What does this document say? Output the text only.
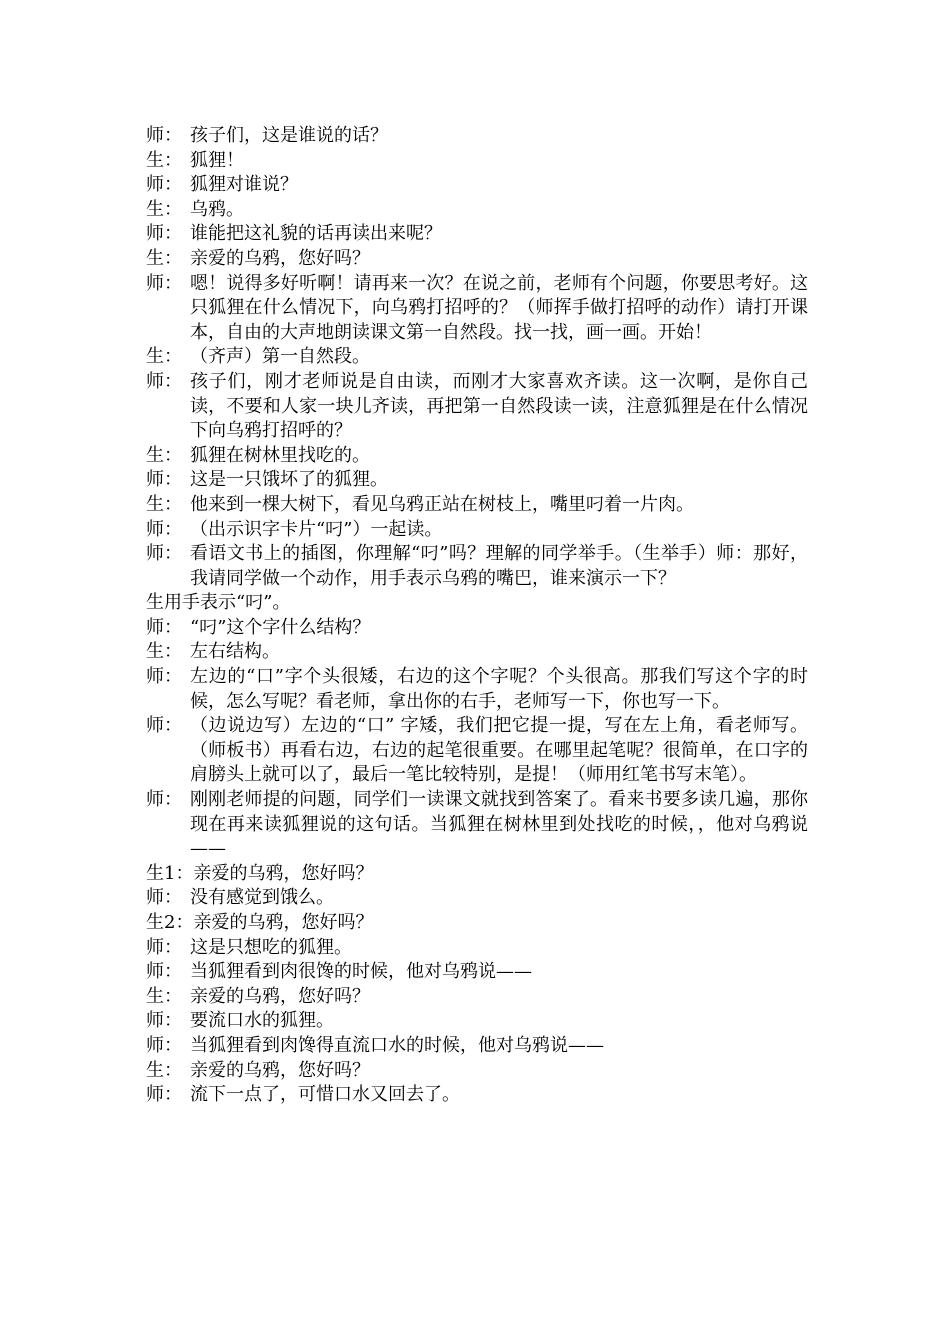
师： 孩子们，这是谁说的话？
生： 狐狸！
师： 狐狸对谁说？
生： 乌鸦。
师： 谁能把这礼貌的话再读出来呢？
生： 亲爱的乌鸦，您好吗？
师： 嗯！说得多好听啊！请再来一次？在说之前，老师有个问题，你要思考好。这只狐狸在什么情况下，向乌鸦打招呼的？（师挥手做打招呼的动作）请打开课本，自由的大声地朗读课文第一自然段。找一找，画一画。开始！
生： （齐声）第一自然段。
师： 孩子们，刚才老师说是自由读，而刚才大家喜欢齐读。这一次啊，是你自己读，不要和人家一块儿齐读，再把第一自然段读一读，注意狐狸是在什么情况下向乌鸦打招呼的？
生： 狐狸在树林里找吃的。
师： 这是一只饿坏了的狐狸。
生： 他来到一棵大树下，看见乌鸦正站在树枝上，嘴里叼着一片肉。
师： （出示识字卡片“叼”）一起读。
师： 看语文书上的插图，你理解“叼”吗？理解的同学举手。（生举手）师：那好，我请同学做一个动作，用手表示乌鸦的嘴巴，谁来演示一下？
生用手表示“叼”。
师： “叼”这个字什么结构？
生： 左右结构。
师： 左边的“口”字个头很矮，右边的这个字呢？个头很高。那我们写这个字的时候，怎么写呢？看老师，拿出你的右手，老师写一下，你也写一下。
师： （边说边写）左边的“口” 字矮，我们把它提一提，写在左上角，看老师写。（师板书）再看右边，右边的起笔很重要。在哪里起笔呢？很简单，在口字的肩膀头上就可以了，最后一笔比较特别，是提！（师用红笔书写末笔）。
师： 刚刚老师提的问题，同学们一读课文就找到答案了。看来书要多读几遍，那你现在再来读狐狸说的这句话。当狐狸在树林里到处找吃的时候，，他对乌鸦说——
生1： 亲爱的乌鸦，您好吗？
师： 没有感觉到饿么。
生2： 亲爱的乌鸦，您好吗？
师： 这是只想吃的狐狸。
师： 当狐狸看到肉很馋的时候，他对乌鸦说——
生： 亲爱的乌鸦，您好吗？
师： 要流口水的狐狸。
师： 当狐狸看到肉馋得直流口水的时候，他对乌鸦说——
生： 亲爱的乌鸦，您好吗？
师： 流下一点了，可惜口水又回去了。
